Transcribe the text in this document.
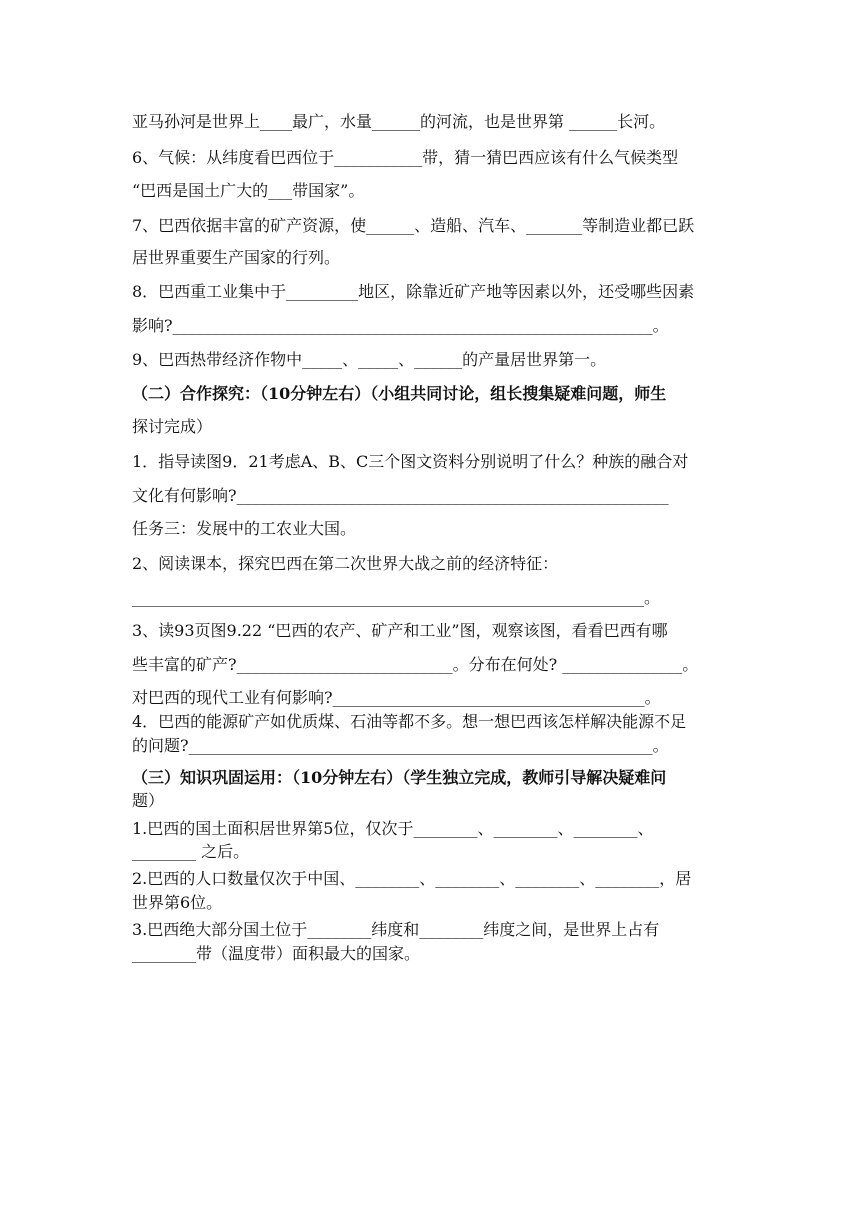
亚马孙河是世界上____最广，水量______的河流，也是世界第 ______长河。
6、气候：从纬度看巴西位于___________带，猜一猜巴西应该有什么气候类型
“巴西是国土广大的___带国家”。
7、巴西依据丰富的矿产资源，使______、造船、汽车、_______等制造业都已跃
居世界重要生产国家的行列。
8．巴西重工业集中于_________地区，除靠近矿产地等因素以外，还受哪些因素
影响?____________________________________________________________。
9、巴西热带经济作物中_____、_____、______的产量居世界第一。
（二）合作探究：（10分钟左右）（小组共同讨论，组长搜集疑难问题，师生
探讨完成）
1．指导读图9．21考虑A、B、C三个图文资料分别说明了什么？种族的融合对
文化有何影响?______________________________________________________
任务三：发展中的工农业大国。
2、阅读课本，探究巴西在第二次世界大战之前的经济特征：
________________________________________________________________。
3、读93页图9.22 “巴西的农产、矿产和工业”图，观察该图，看看巴西有哪
些丰富的矿产?___________________________。分布在何处? _______________。
对巴西的现代工业有何影响?_______________________________________。
4．巴西的能源矿产如优质煤、石油等都不多。想一想巴西该怎样解决能源不足
的问题?__________________________________________________________。
（三）知识巩固运用：（10分钟左右）（学生独立完成，教师引导解决疑难问
题）
1.巴西的国土面积居世界第5位，仅次于________、________、________、
________ 之后。
2.巴西的人口数量仅次于中国、________、________、________、________，居
世界第6位。
3.巴西绝大部分国土位于________纬度和________纬度之间，是世界上占有
________带（温度带）面积最大的国家。
